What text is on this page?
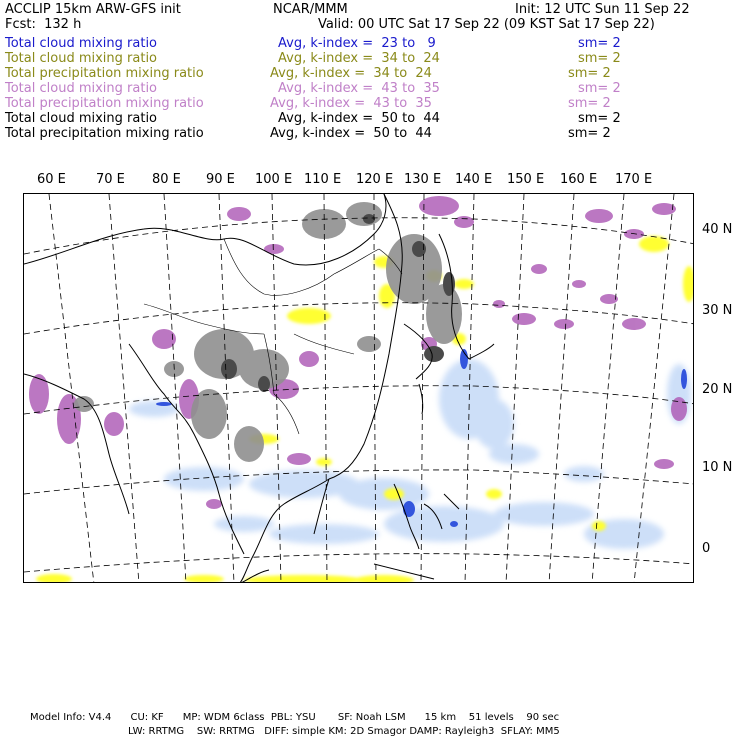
ACCLIP 15km ARW-GFS init	NCAR/MMM	Init: 12 UTC Sun 11 Sep 22
Fcst:  132 h	Valid: 00 UTC Sat 17 Sep 22 (09 KST Sat 17 Sep 22)
Total cloud mixing ratio	Avg, k-index =  23 to   9	sm= 2
Total cloud mixing ratio	Avg, k-index =  34 to  24	sm= 2
Total precipitation mixing ratio	Avg, k-index =  34 to  24	sm= 2
Total cloud mixing ratio	Avg, k-index =  43 to  35	sm= 2
Total precipitation mixing ratio	Avg, k-index =  43 to  35	sm= 2
Total cloud mixing ratio	Avg, k-index =  50 to  44	sm= 2
Total precipitation mixing ratio	Avg, k-index =  50 to  44	sm= 2
60 E 70 E 80 E 90 E 100 E 110 E 120 E 130 E 140 E 150 E 160 E 170 E
40 N
30 N
20 N
10 N
0
Model Info: V4.4      CU: KF      MP: WDM 6class  PBL: YSU       SF: Noah LSM      15 km    51 levels    90 sec
LW: RRTMG    SW: RRTMG   DIFF: simple KM: 2D Smagor DAMP: Rayleigh3  SFLAY: MM5
